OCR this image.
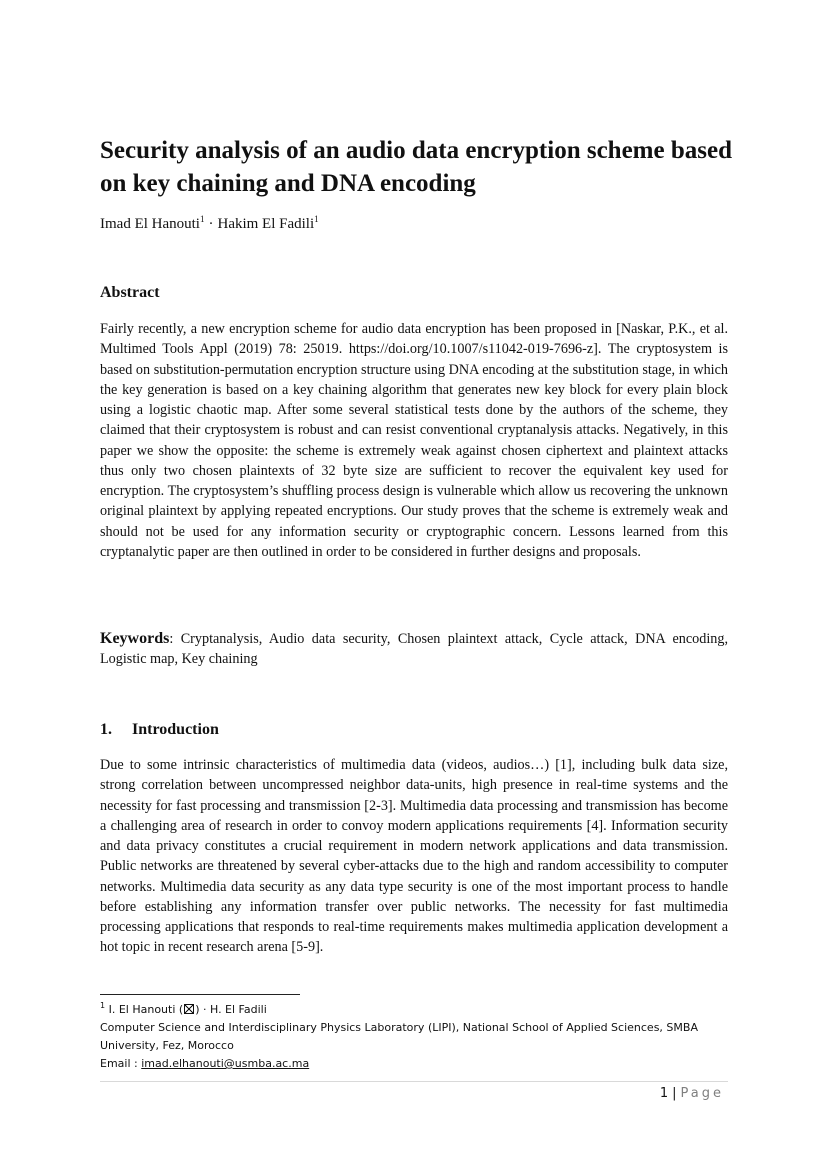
Security analysis of an audio data encryption scheme based on key chaining and DNA encoding
Imad El Hanouti$^1$ · Hakim El Fadili$^1$
Abstract

Fairly recently, a new encryption scheme for audio data encryption has been proposed in [Naskar, P.K., et al. Multimed Tools Appl (2019) 78: 25019. https://doi.org/10.1007/s11042-019-7696-z]. The cryptosystem is based on substitution-permutation encryption structure using DNA encoding at the substitution stage, in which the key generation is based on a key chaining algorithm that generates new key block for every plain block using a logistic chaotic map. After some several statistical tests done by the authors of the scheme, they claimed that their cryptosystem is robust and can resist conventional cryptanalysis attacks. Negatively, in this paper we show the opposite: the scheme is extremely weak against chosen ciphertext and plaintext attacks thus only two chosen plaintexts of 32 byte size are sufficient to recover the equivalent key used for encryption. The cryptosystem’s shuffling process design is vulnerable which allow us recovering the unknown original plaintext by applying repeated encryptions. Our study proves that the scheme is extremely weak and should not be used for any information security or cryptographic concern. Lessons learned from this cryptanalytic paper are then outlined in order to be considered in further designs and proposals.

Keywords: Cryptanalysis, Audio data security, Chosen plaintext attack, Cycle attack, DNA encoding, Logistic map, Key chaining

1. Introduction

Due to some intrinsic characteristics of multimedia data (videos, audios…) [1], including bulk data size, strong correlation between uncompressed neighbor data-units, high presence in real-time systems and the necessity for fast processing and transmission [2-3]. Multimedia data processing and transmission has become a challenging area of research in order to convoy modern applications requirements [4]. Information security and data privacy constitutes a crucial requirement in modern network applications and data transmission. Public networks are threatened by several cyber-attacks due to the high and random accessibility to computer networks. Multimedia data security as any data type security is one of the most important process to handle before establishing any information transfer over public networks. The necessity for fast multimedia processing applications that responds to real-time requirements makes multimedia application development a hot topic in recent research arena [5-9].

$^1$ I. El Hanouti ( ) · H. El Fadili
Computer Science and Interdisciplinary Physics Laboratory (LIPI), National School of Applied Sciences, SMBA University, Fez, Morocco
Email : imad.elhanouti@usmba.ac.ma
1 | Page
